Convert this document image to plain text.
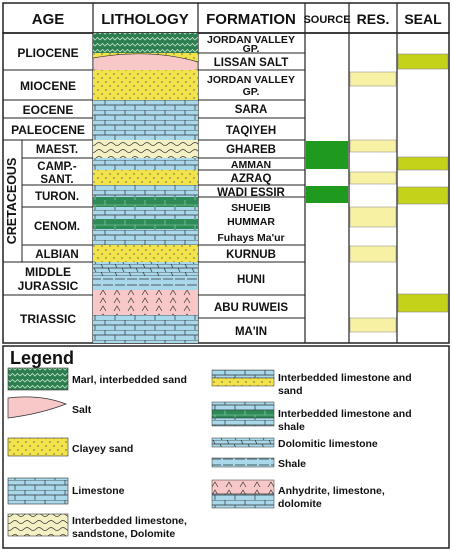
AGE LITHOLOGY FORMATION SOURCE RES. SEAL
PLIOCENE
MIOCENE
EOCENE
PALEOCENE
MAEST.
CAMP.-
SANT.
TURON.
CENOM.
ALBIAN
MIDDLE
JURASSIC
TRIASSIC
CRETACEOUS
JORDAN VALLEY
GP.
LISSAN SALT
JORDAN VALLEY
GP.
SARA
TAQIYEH
GHAREB
AMMAN
AZRAQ
WADI ESSIR
SHUEIB
HUMMAR
Fuhays Ma'ur
KURNUB
HUNI
ABU RUWEIS
MA'IN
Legend
Marl, interbedded sand
Salt
Clayey sand
Limestone
Interbedded limestone,
sandstone, Dolomite
Interbedded limestone and
sand
Interbedded limestone and
shale
Dolomitic limestone
Shale
Anhydrite, limestone,
dolomite
